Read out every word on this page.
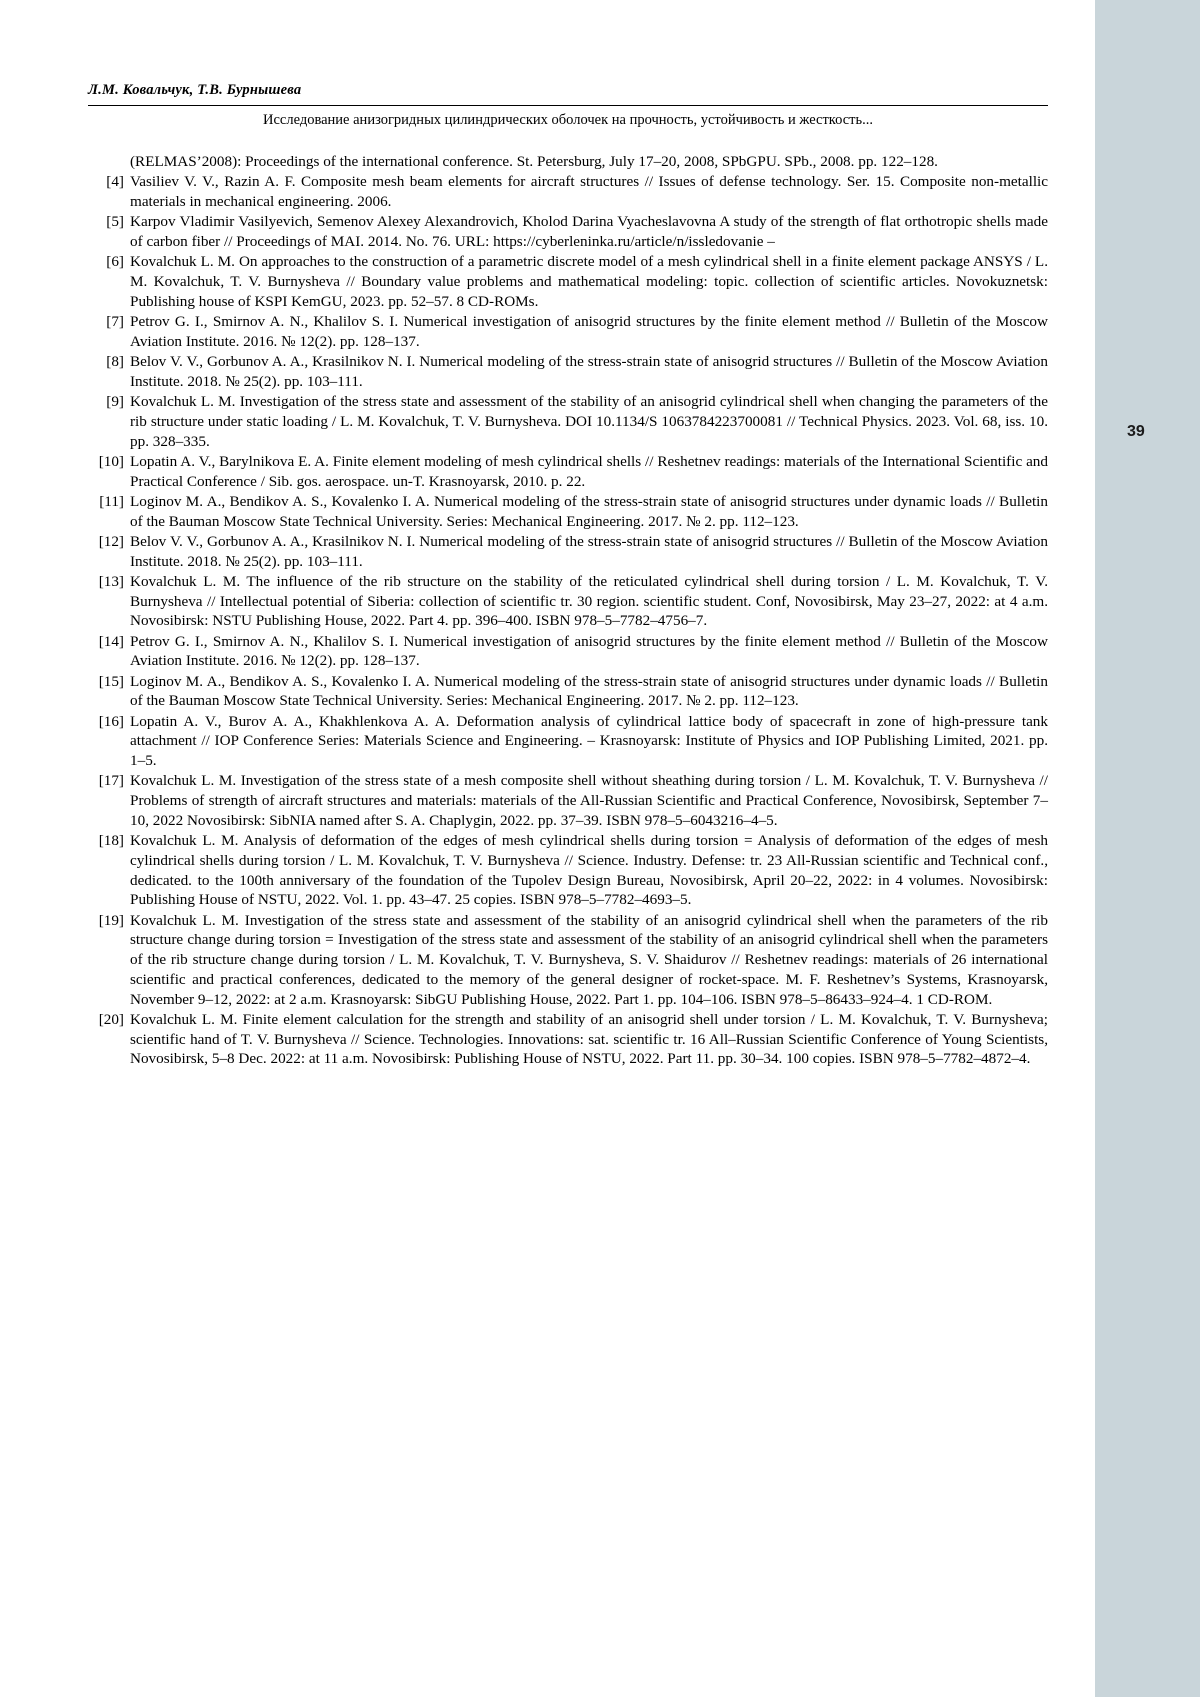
Л.М. Ковальчук, Т.В. Бурнышева
Исследование анизогридных цилиндрических оболочек на прочность, устойчивость и жесткость...

(RELMAS’2008): Proceedings of the international conference. St. Petersburg, July 17–20, 2008, SPbGPU. SPb., 2008. pp. 122–128.

[4] Vasiliev V. V., Razin A. F. Composite mesh beam elements for aircraft structures // Issues of defense technology. Ser. 15. Composite non-metallic materials in mechanical engineering. 2006.

[5] Karpov Vladimir Vasilyevich, Semenov Alexey Alexandrovich, Kholod Darina Vyacheslavovna A study of the strength of flat orthotropic shells made of carbon fiber // Proceedings of MAI. 2014. No. 76. URL: https://cyberleninka.ru/article/n/issledovanie –

[6] Kovalchuk L. M. On approaches to the construction of a parametric discrete model of a mesh cylindrical shell in a finite element package ANSYS / L. M. Kovalchuk, T. V. Burnysheva // Boundary value problems and mathematical modeling: topic. collection of scientific articles. Novokuznetsk: Publishing house of KSPI KemGU, 2023. pp. 52–57. 8 CD-ROMs.

[7] Petrov G. I., Smirnov A. N., Khalilov S. I. Numerical investigation of anisogrid structures by the finite element method // Bulletin of the Moscow Aviation Institute. 2016. № 12(2). pp. 128–137.

[8] Belov V. V., Gorbunov A. A., Krasilnikov N. I. Numerical modeling of the stress-strain state of anisogrid structures // Bulletin of the Moscow Aviation Institute. 2018. № 25(2). pp. 103–111.

[9] Kovalchuk L. M. Investigation of the stress state and assessment of the stability of an anisogrid cylindrical shell when changing the parameters of the rib structure under static loading / L. M. Kovalchuk, T. V. Burnysheva. DOI 10.1134/S 1063784223700081 // Technical Physics. 2023. Vol. 68, iss. 10. pp. 328–335.

[10] Lopatin A. V., Barylnikova E. A. Finite element modeling of mesh cylindrical shells // Reshetnev readings: materials of the International Scientific and Practical Conference / Sib. gos. aerospace. un-T. Krasnoyarsk, 2010. p. 22.

[11] Loginov M. A., Bendikov A. S., Kovalenko I. A. Numerical modeling of the stress-strain state of anisogrid structures under dynamic loads // Bulletin of the Bauman Moscow State Technical University. Series: Mechanical Engineering. 2017. № 2. pp. 112–123.

[12] Belov V. V., Gorbunov A. A., Krasilnikov N. I. Numerical modeling of the stress-strain state of anisogrid structures // Bulletin of the Moscow Aviation Institute. 2018. № 25(2). pp. 103–111.

[13] Kovalchuk L. M. The influence of the rib structure on the stability of the reticulated cylindrical shell during torsion / L. M. Kovalchuk, T. V. Burnysheva // Intellectual potential of Siberia: collection of scientific tr. 30 region. scientific student. Conf, Novosibirsk, May 23–27, 2022: at 4 a.m. Novosibirsk: NSTU Publishing House, 2022. Part 4. pp. 396–400. ISBN 978–5–7782–4756–7.

[14] Petrov G. I., Smirnov A. N., Khalilov S. I. Numerical investigation of anisogrid structures by the finite element method // Bulletin of the Moscow Aviation Institute. 2016. № 12(2). pp. 128–137.

[15] Loginov M. A., Bendikov A. S., Kovalenko I. A. Numerical modeling of the stress-strain state of anisogrid structures under dynamic loads // Bulletin of the Bauman Moscow State Technical University. Series: Mechanical Engineering. 2017. № 2. pp. 112–123.

[16] Lopatin A. V., Burov A. A., Khakhlenkova A. A. Deformation analysis of cylindrical lattice body of spacecraft in zone of high-pressure tank attachment // IOP Conference Series: Materials Science and Engineering. – Krasnoyarsk: Institute of Physics and IOP Publishing Limited, 2021. pp. 1–5.

[17] Kovalchuk L. M. Investigation of the stress state of a mesh composite shell without sheathing during torsion / L. M. Kovalchuk, T. V. Burnysheva // Problems of strength of aircraft structures and materials: materials of the All-Russian Scientific and Practical Conference, Novosibirsk, September 7–10, 2022 Novosibirsk: SibNIA named after S. A. Chaplygin, 2022. pp. 37–39. ISBN 978–5–6043216–4–5.

[18] Kovalchuk L. M. Analysis of deformation of the edges of mesh cylindrical shells during torsion = Analysis of deformation of the edges of mesh cylindrical shells during torsion / L. M. Kovalchuk, T. V. Burnysheva // Science. Industry. Defense: tr. 23 All-Russian scientific and Technical conf., dedicated. to the 100th anniversary of the foundation of the Tupolev Design Bureau, Novosibirsk, April 20–22, 2022: in 4 volumes. Novosibirsk: Publishing House of NSTU, 2022. Vol. 1. pp. 43–47. 25 copies. ISBN 978–5–7782–4693–5.

[19] Kovalchuk L. M. Investigation of the stress state and assessment of the stability of an anisogrid cylindrical shell when the parameters of the rib structure change during torsion = Investigation of the stress state and assessment of the stability of an anisogrid cylindrical shell when the parameters of the rib structure change during torsion / L. M. Kovalchuk, T. V. Burnysheva, S. V. Shaidurov // Reshetnev readings: materials of 26 international scientific and practical conferences, dedicated to the memory of the general designer of rocket-space. M. F. Reshetnev’s Systems, Krasnoyarsk, November 9–12, 2022: at 2 a.m. Krasnoyarsk: SibGU Publishing House, 2022. Part 1. pp. 104–106. ISBN 978–5–86433–924–4. 1 CD-ROM.

[20] Kovalchuk L. M. Finite element calculation for the strength and stability of an anisogrid shell under torsion / L. M. Kovalchuk, T. V. Burnysheva; scientific hand of T. V. Burnysheva // Science. Technologies. Innovations: sat. scientific tr. 16 All–Russian Scientific Conference of Young Scientists, Novosibirsk, 5–8 Dec. 2022: at 11 a.m. Novosibirsk: Publishing House of NSTU, 2022. Part 11. pp. 30–34. 100 copies. ISBN 978–5–7782–4872–4.

39
